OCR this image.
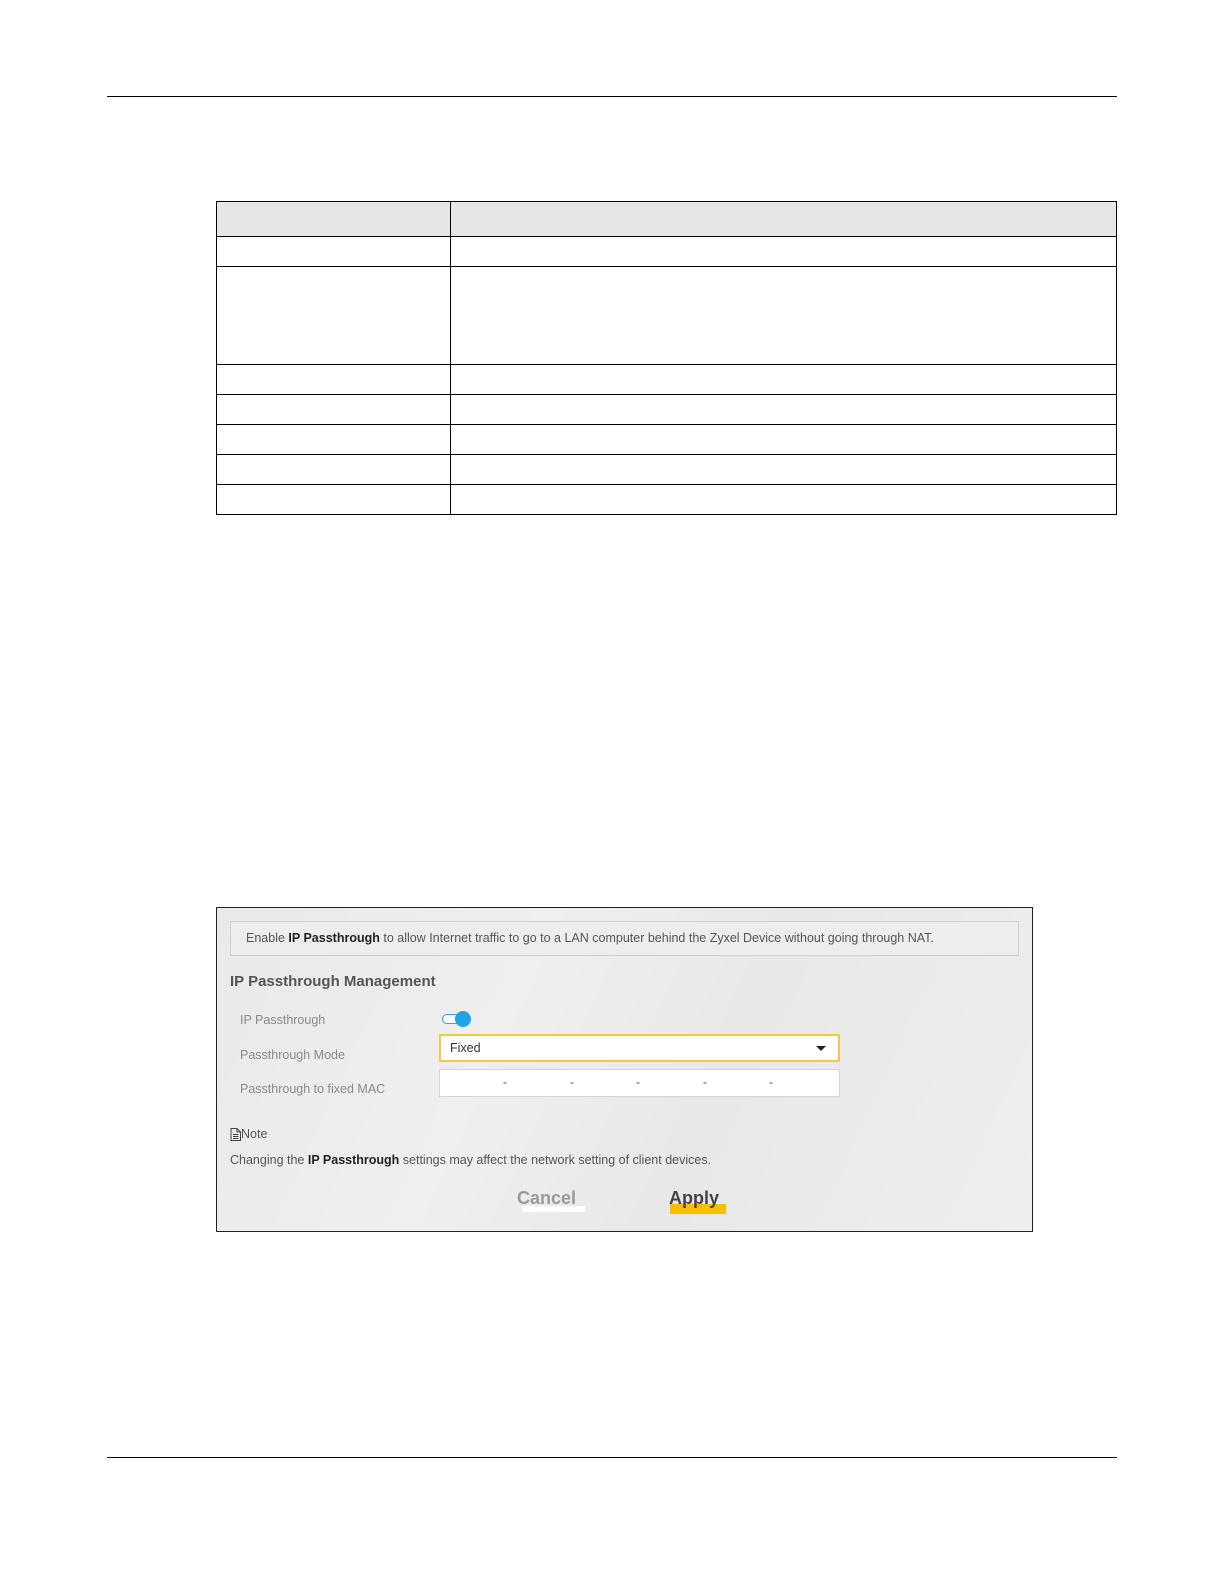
Enable IP Passthrough to allow Internet traffic to go to a LAN computer behind the Zyxel Device without going through NAT.
IP Passthrough Management
IP Passthrough
Passthrough Mode	Fixed
Passthrough to fixed MAC	-	-	-	-	-
Note
Changing the IP Passthrough settings may affect the network setting of client devices.
Cancel	Apply
